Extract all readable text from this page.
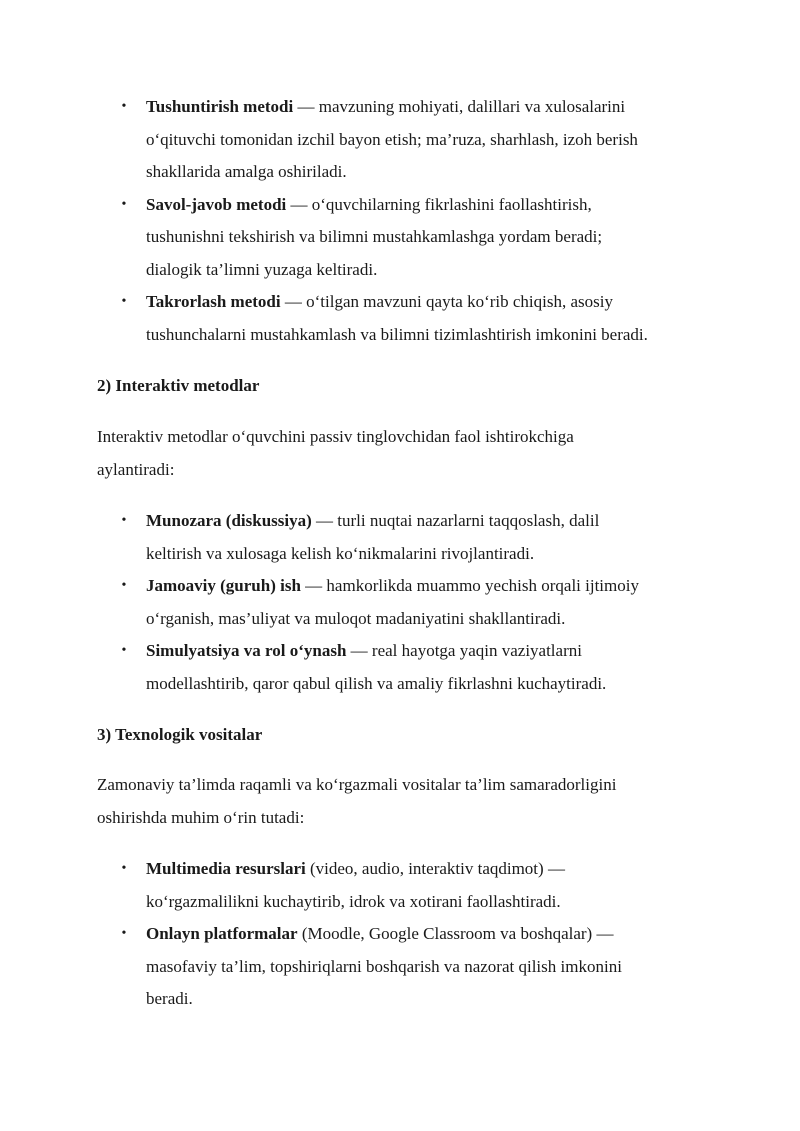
• Tushuntirish metodi — mavzuning mohiyati, dalillari va xulosalarini
o‘qituvchi tomonidan izchil bayon etish; ma’ruza, sharhlash, izoh berish
shakllarida amalga oshiriladi.
• Savol-javob metodi — o‘quvchilarning fikrlashini faollashtirish,
tushunishni tekshirish va bilimni mustahkamlashga yordam beradi;
dialogik ta’limni yuzaga keltiradi.
• Takrorlash metodi — o‘tilgan mavzuni qayta ko‘rib chiqish, asosiy
tushunchalarni mustahkamlash va bilimni tizimlashtirish imkonini beradi.
2) Interaktiv metodlar

Interaktiv metodlar o‘quvchini passiv tinglovchidan faol ishtirokchiga
aylantiradi:

• Munozara (diskussiya) — turli nuqtai nazarlarni taqqoslash, dalil
keltirish va xulosaga kelish ko‘nikmalarini rivojlantiradi.
• Jamoaviy (guruh) ish — hamkorlikda muammo yechish orqali ijtimoiy
o‘rganish, mas’uliyat va muloqot madaniyatini shakllantiradi.
• Simulyatsiya va rol o‘ynash — real hayotga yaqin vaziyatlarni
modellashtirib, qaror qabul qilish va amaliy fikrlashni kuchaytiradi.
3) Texnologik vositalar

Zamonaviy ta’limda raqamli va ko‘rgazmali vositalar ta’lim samaradorligini
oshirishda muhim o‘rin tutadi:

• Multimedia resurslari (video, audio, interaktiv taqdimot) —
ko‘rgazmalilikni kuchaytirib, idrok va xotirani faollashtiradi.
• Onlayn platformalar (Moodle, Google Classroom va boshqalar) —
masofaviy ta’lim, topshiriqlarni boshqarish va nazorat qilish imkonini
beradi.
